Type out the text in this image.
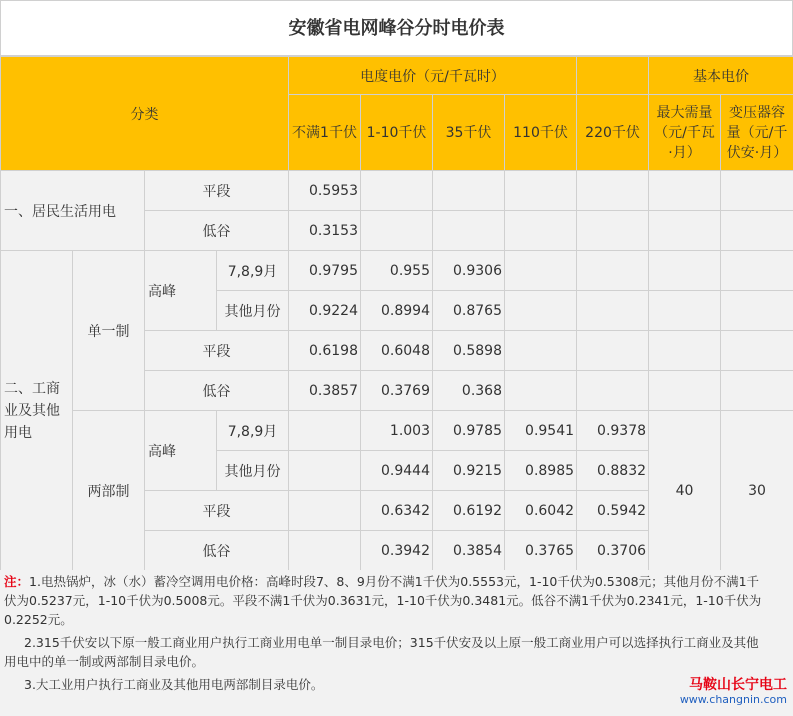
安徽省电网峰谷分时电价表
分类				电度电价（元/千瓦时）					基本电价	
				不满1千伏	1-10千伏	35千伏	110千伏	220千伏	最大需量（元/千瓦·月）	变压器容量（元/千伏安·月）
一、居民生活用电		平段		0.5953						
		低谷		0.3153						
二、工商业及其他用电	单一制	高峰	7,8,9月	0.9795	0.955	0.9306				
			其他月份	0.9224	0.8994	0.8765				
		平段		0.6198	0.6048	0.5898				
		低谷		0.3857	0.3769	0.368				
	两部制	高峰	7,8,9月		1.003	0.9785	0.9541	0.9378	40	30
			其他月份		0.9444	0.9215	0.8985	0.8832		
		平段			0.6342	0.6192	0.6042	0.5942		
		低谷			0.3942	0.3854	0.3765	0.3706		
注：1.电热锅炉，冰（水）蓄冷空调用电价格：高峰时段7、8、9月份不满1千伏为0.5553元，1-10千伏为0.5308元；其他月份不满1千
伏为0.5237元，1-10千伏为0.5008元。平段不满1千伏为0.3631元，1-10千伏为0.3481元。低谷不满1千伏为0.2341元，1-10千伏为
0.2252元。
2.315千伏安以下原一般工商业用户执行工商业用电单一制目录电价；315千伏安及以上原一般工商业用户可以选择执行工商业及其他
用电中的单一制或两部制目录电价。
3.大工业用户执行工商业及其他用电两部制目录电价。	马鞍山长宁电工
www.changnin.com
